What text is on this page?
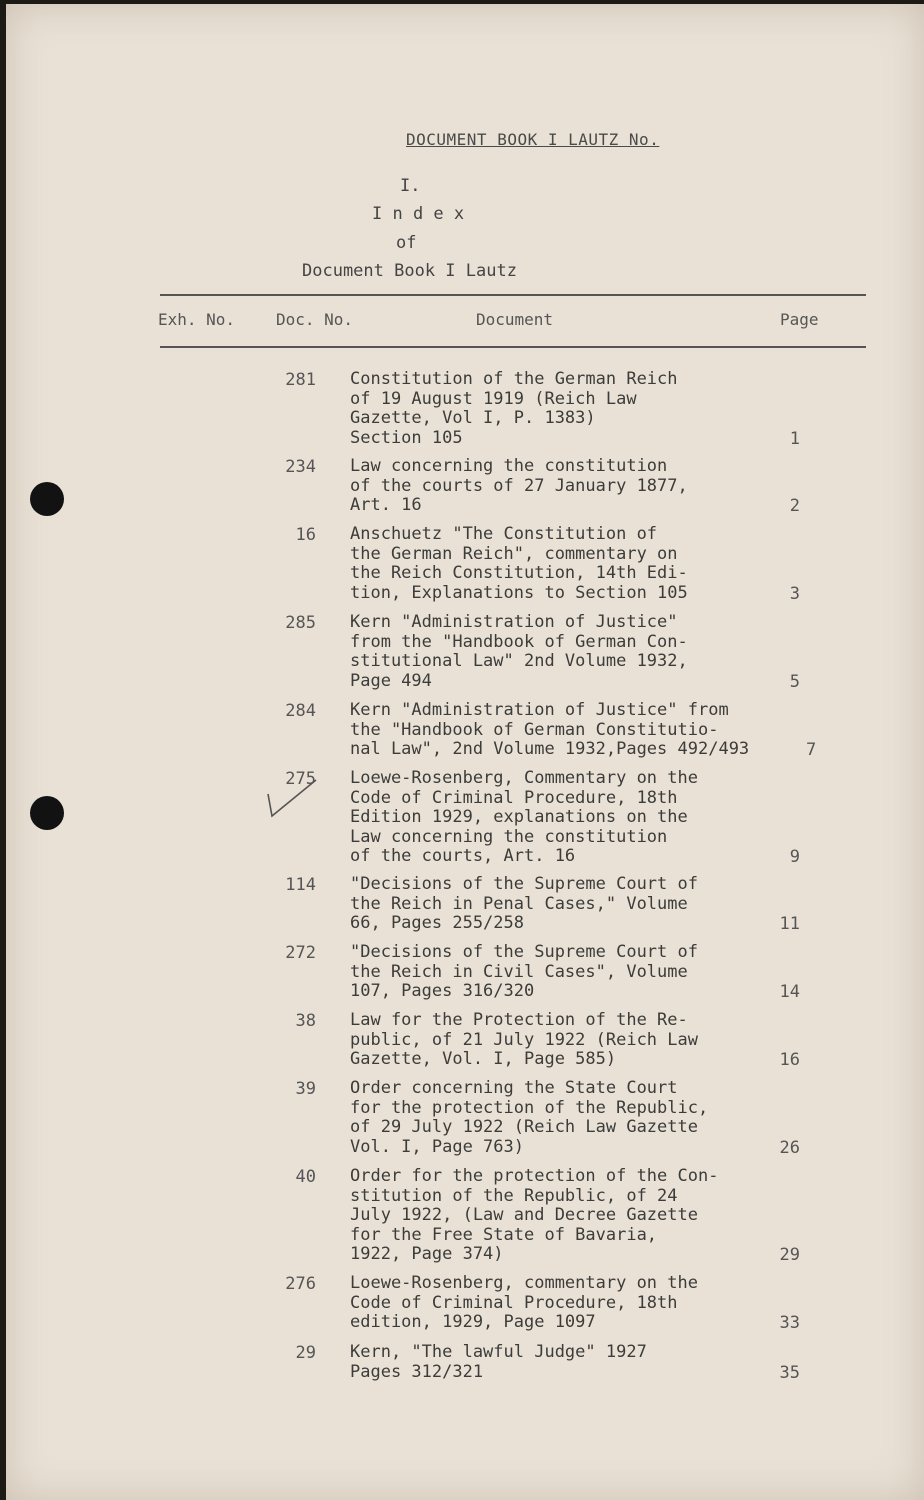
DOCUMENT BOOK I LAUTZ No.
I.
I n d e x
of
Document Book I Lautz
Exh. No.	Doc. No.	Document	Page
281 Constitution of the German Reich
of 19 August 1919 (Reich Law
Gazette, Vol I, P. 1383)
Section 105	1
234 Law concerning the constitution
of the courts of 27 January 1877,
Art. 16	2
16 Anschuetz "The Constitution of
the German Reich", commentary on
the Reich Constitution, 14th Edi-
tion, Explanations to Section 105	3
285 Kern "Administration of Justice"
from the "Handbook of German Con-
stitutional Law" 2nd Volume 1932,
Page 494	5
284 Kern "Administration of Justice" from
the "Handbook of German Constitutio-
nal Law", 2nd Volume 1932,Pages 492/493	7
275 Loewe-Rosenberg, Commentary on the
Code of Criminal Procedure, 18th
Edition 1929, explanations on the
Law concerning the constitution
of the courts, Art. 16	9
114 "Decisions of the Supreme Court of
the Reich in Penal Cases," Volume
66, Pages 255/258	11
272 "Decisions of the Supreme Court of
the Reich in Civil Cases", Volume
107, Pages 316/320	14
38 Law for the Protection of the Re-
public, of 21 July 1922 (Reich Law
Gazette, Vol. I, Page 585)	16
39 Order concerning the State Court
for the protection of the Republic,
of 29 July 1922 (Reich Law Gazette
Vol. I, Page 763)	26
40 Order for the protection of the Con-
stitution of the Republic, of 24
July 1922, (Law and Decree Gazette
for the Free State of Bavaria,
1922, Page 374)	29
276 Loewe-Rosenberg, commentary on the
Code of Criminal Procedure, 18th
edition, 1929, Page 1097	33
29 Kern, "The lawful Judge" 1927
Pages 312/321	35
